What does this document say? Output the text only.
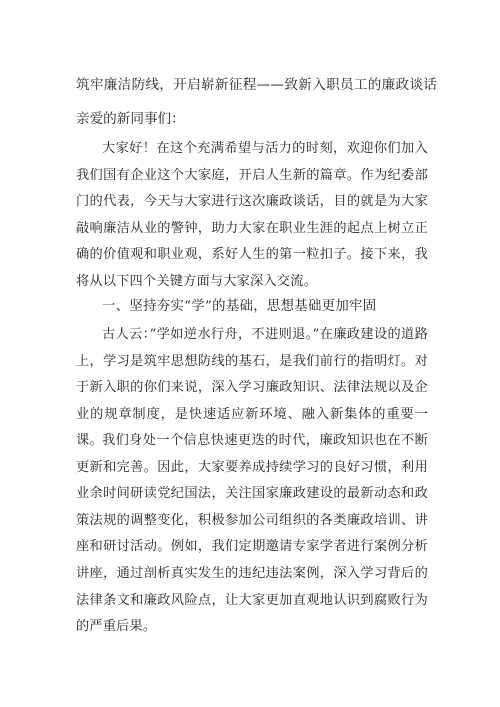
筑牢廉洁防线，开启崭新征程——致新入职员工的廉政谈话
亲爱的新同事们：
大家好！在这个充满希望与活力的时刻，欢迎你们加入我们国有企业这个大家庭，开启人生新的篇章。作为纪委部门的代表，今天与大家进行这次廉政谈话，目的就是为大家敲响廉洁从业的警钟，助力大家在职业生涯的起点上树立正确的价值观和职业观，系好人生的第一粒扣子。接下来，我将从以下四个关键方面与大家深入交流。
一、坚持夯实“学”的基础，思想基础更加牢固
古人云：”学如逆水行舟，不进则退。”在廉政建设的道路上，学习是筑牢思想防线的基石，是我们前行的指明灯。对于新入职的你们来说，深入学习廉政知识、法律法规以及企业的规章制度，是快速适应新环境、融入新集体的重要一课。 我们身处一个信息快速更迭的时代，廉政知识也在不断更新和完善。因此，大家要养成持续学习的良好习惯，利用业余时间研读党纪国法，关注国家廉政建设的最新动态和政策法规的调整变化，积极参加公司组织的各类廉政培训、讲座和研讨活动。例如，我们定期邀请专家学者进行案例分析讲座，通过剖析真实发生的违纪违法案例，深入学习背后的法律条文和廉政风险点，让大家更加直观地认识到腐败行为的严重后果。
